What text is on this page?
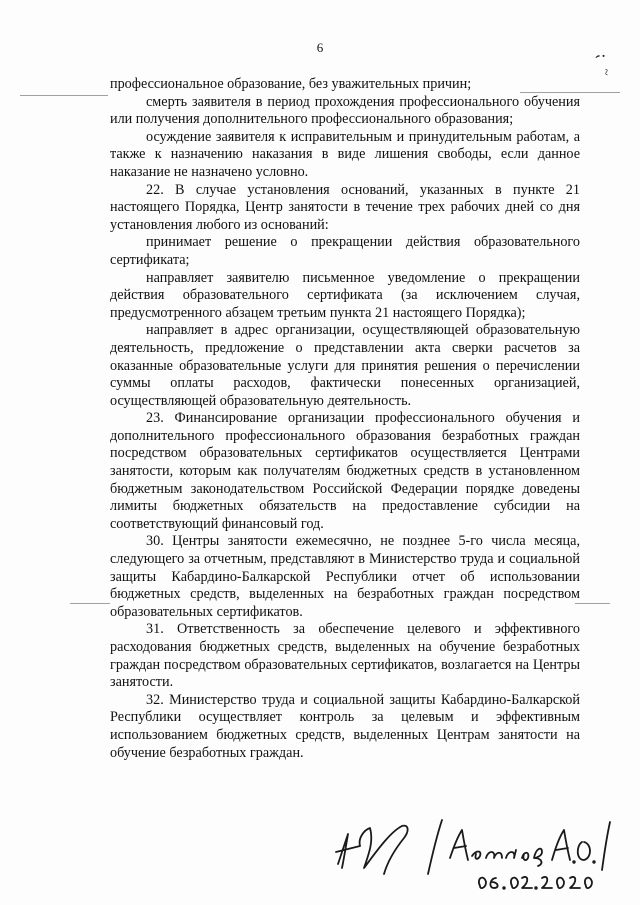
6
⁏
~

профессиональное образование, без уважительных причин;

смерть заявителя в период прохождения профессионального обучения или получения дополнительного профессионального образования;

осуждение заявителя к исправительным и принудительным работам, а также к назначению наказания в виде лишения свободы, если данное наказание не назначено условно.

22. В случае установления оснований, указанных в пункте 21 настоящего Порядка, Центр занятости в течение трех рабочих дней со дня установления любого из оснований:

принимает решение о прекращении действия образовательного сертификата;

направляет заявителю письменное уведомление о прекращении действия образовательного сертификата (за исключением случая, предусмотренного абзацем третьим пункта 21 настоящего Порядка);

направляет в адрес организации, осуществляющей образовательную деятельность, предложение о представлении акта сверки расчетов за оказанные образовательные услуги для принятия решения о перечислении суммы оплаты расходов, фактически понесенных организацией, осуществляющей образовательную деятельность.

23. Финансирование организации профессионального обучения и дополнительного профессионального образования безработных граждан посредством образовательных сертификатов осуществляется Центрами занятости, которым как получателям бюджетных средств в установленном бюджетным законодательством Российской Федерации порядке доведены лимиты бюджетных обязательств на предоставление субсидии на соответствующий финансовый год.

30. Центры занятости ежемесячно, не позднее 5-го числа месяца, следующего за отчетным, представляют в Министерство труда и социальной защиты Кабардино-Балкарской Республики отчет об использовании бюджетных средств, выделенных на безработных граждан посредством образовательных сертификатов.

31. Ответственность за обеспечение целевого и эффективного расходования бюджетных средств, выделенных на обучение безработных граждан посредством образовательных сертификатов, возлагается на Центры занятости.

32. Министерство труда и социальной защиты Кабардино-Балкарской Республики осуществляет контроль за целевым и эффективным использованием бюджетных средств, выделенных Центрам занятости на обучение безработных граждан.
